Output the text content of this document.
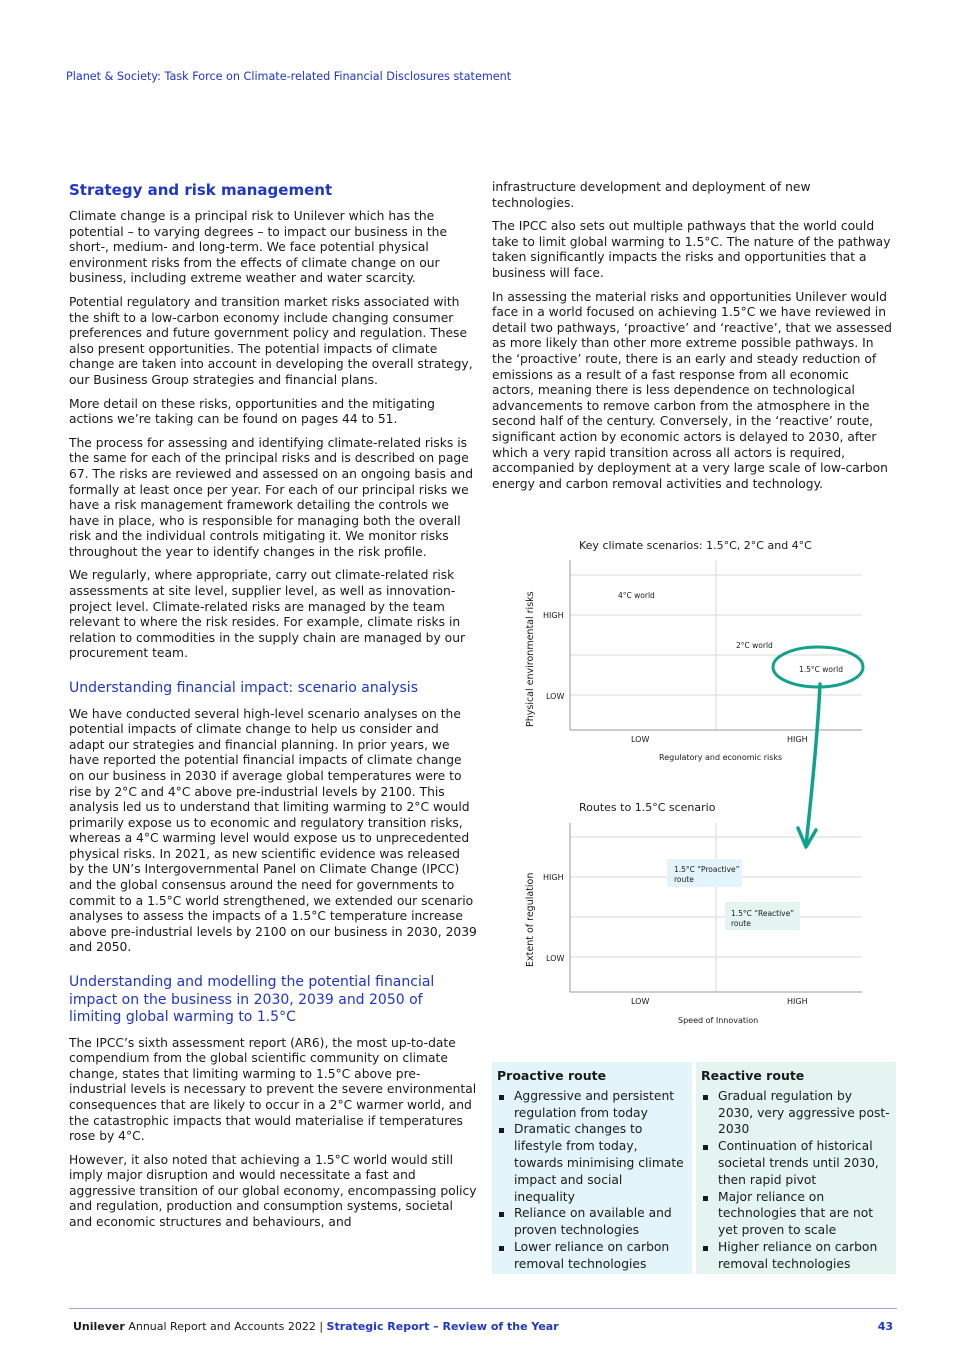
Planet & Society: Task Force on Climate-related Financial Disclosures statement
Strategy and risk management

Climate change is a principal risk to Unilever which has the potential – to varying degrees – to impact our business in the short-, medium- and long-term. We face potential physical environment risks from the effects of climate change on our business, including extreme weather and water scarcity.

Potential regulatory and transition market risks associated with the shift to a low-carbon economy include changing consumer preferences and future government policy and regulation. These also present opportunities. The potential impacts of climate change are taken into account in developing the overall strategy, our Business Group strategies and financial plans.

More detail on these risks, opportunities and the mitigating actions we’re taking can be found on pages 44 to 51.

The process for assessing and identifying climate-related risks is the same for each of the principal risks and is described on page 67. The risks are reviewed and assessed on an ongoing basis and formally at least once per year. For each of our principal risks we have a risk management framework detailing the controls we have in place, who is responsible for managing both the overall risk and the individual controls mitigating it. We monitor risks throughout the year to identify changes in the risk profile.

We regularly, where appropriate, carry out climate-related risk assessments at site level, supplier level, as well as innovation-project level. Climate-related risks are managed by the team relevant to where the risk resides. For example, climate risks in relation to commodities in the supply chain are managed by our procurement team.

Understanding financial impact: scenario analysis

We have conducted several high-level scenario analyses on the potential impacts of climate change to help us consider and adapt our strategies and financial planning. In prior years, we have reported the potential financial impacts of climate change on our business in 2030 if average global temperatures were to rise by 2°C and 4°C above pre-industrial levels by 2100. This analysis led us to understand that limiting warming to 2°C would primarily expose us to economic and regulatory transition risks, whereas a 4°C warming level would expose us to unprecedented physical risks. In 2021, as new scientific evidence was released by the UN’s Intergovernmental Panel on Climate Change (IPCC) and the global consensus around the need for governments to commit to a 1.5°C world strengthened, we extended our scenario analyses to assess the impacts of a 1.5°C temperature increase above pre-industrial levels by 2100 on our business in 2030, 2039 and 2050.

Understanding and modelling the potential financial impact on the business in 2030, 2039 and 2050 of limiting global warming to 1.5°C

The IPCC’s sixth assessment report (AR6), the most up-to-date compendium from the global scientific community on climate change, states that limiting warming to 1.5°C above pre-industrial levels is necessary to prevent the severe environmental consequences that are likely to occur in a 2°C warmer world, and the catastrophic impacts that would materialise if temperatures rose by 4°C.

However, it also noted that achieving a 1.5°C world would still imply major disruption and would necessitate a fast and aggressive transition of our global economy, encompassing policy and regulation, production and consumption systems, societal and economic structures and behaviours, and

infrastructure development and deployment of new technologies.

The IPCC also sets out multiple pathways that the world could take to limit global warming to 1.5°C. The nature of the pathway taken significantly impacts the risks and opportunities that a business will face.

In assessing the material risks and opportunities Unilever would face in a world focused on achieving 1.5°C we have reviewed in detail two pathways, ‘proactive’ and ‘reactive’, that we assessed as more likely than other more extreme possible pathways. In the ‘proactive’ route, there is an early and steady reduction of emissions as a result of a fast response from all economic actors, meaning there is less dependence on technological advancements to remove carbon from the atmosphere in the second half of the century. Conversely, in the ‘reactive’ route, significant action by economic actors is delayed to 2030, after which a very rapid transition across all actors is required, accompanied by deployment at a very large scale of low-carbon energy and carbon removal activities and technology.

Key climate scenarios: 1.5°C, 2°C and 4°C
HIGH
LOW
LOW	HIGH
Regulatory and economic risks
Physical environmental risks	4°C world
2°C world
1.5°C world
Routes to 1.5°C scenario
HIGH
LOW
LOW	HIGH
Speed of Innovation
Extent of regulation
1.5°C “Proactive”
route
1.5°C “Reactive”
route
Proactive route
Aggressive and persistent regulation from today
Dramatic changes to lifestyle from today, towards minimising climate impact and social inequality
Reliance on available and proven technologies
Lower reliance on carbon removal technologies
Reactive route
Gradual regulation by 2030, very aggressive post-2030
Continuation of historical societal trends until 2030, then rapid pivot
Major reliance on technologies that are not yet proven to scale
Higher reliance on carbon removal technologies
Unilever Annual Report and Accounts 2022 | Strategic Report – Review of the Year	43
